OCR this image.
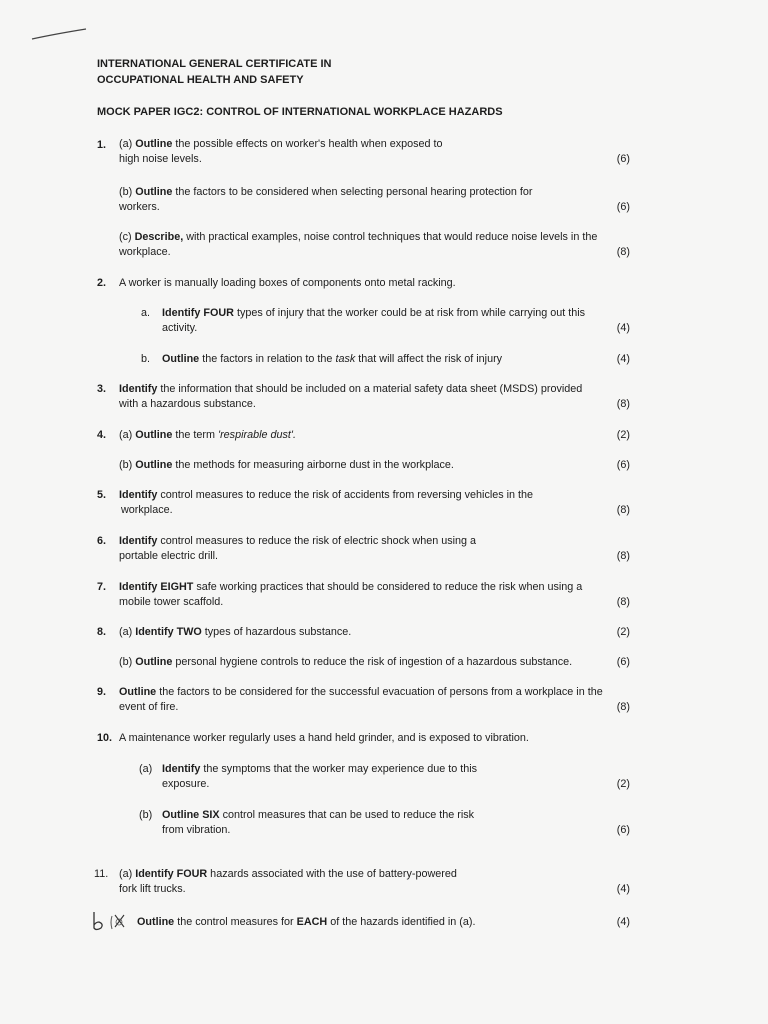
INTERNATIONAL GENERAL CERTIFICATE IN
OCCUPATIONAL HEALTH AND SAFETY
MOCK PAPER IGC2: CONTROL OF INTERNATIONAL WORKPLACE HAZARDS
1. (a) Outline the possible effects on worker's health when exposed to
high noise levels.	(6)
(b) Outline the factors to be considered when selecting personal hearing protection for
workers.	(6)
(c) Describe, with practical examples, noise control techniques that would reduce noise levels in the
workplace.	(8)
2. A worker is manually loading boxes of components onto metal racking.
a. Identify FOUR types of injury that the worker could be at risk from while carrying out this
activity.	(4)
b. Outline the factors in relation to the task that will affect the risk of injury	(4)
3. Identify the information that should be included on a material safety data sheet (MSDS) provided
with a hazardous substance.	(8)
4. (a) Outline the term 'respirable dust'.	(2)
(b) Outline the methods for measuring airborne dust in the workplace.	(6)
5. Identify control measures to reduce the risk of accidents from reversing vehicles in the
workplace.	(8)
6. Identify control measures to reduce the risk of electric shock when using a
portable electric drill.	(8)
7. Identify EIGHT safe working practices that should be considered to reduce the risk when using a
mobile tower scaffold.	(8)
8. (a) Identify TWO types of hazardous substance.	(2)
(b) Outline personal hygiene controls to reduce the risk of ingestion of a hazardous substance.	(6)
9. Outline the factors to be considered for the successful evacuation of persons from a workplace in the
event of fire.	(8)
10. A maintenance worker regularly uses a hand held grinder, and is exposed to vibration.
(a) Identify the symptoms that the worker may experience due to this
exposure.	(2)
(b) Outline SIX control measures that can be used to reduce the risk
from vibration.	(6)
11. (a) Identify FOUR hazards associated with the use of battery-powered
fork lift trucks.	(4)
Outline the control measures for EACH of the hazards identified in (a).	(4)
